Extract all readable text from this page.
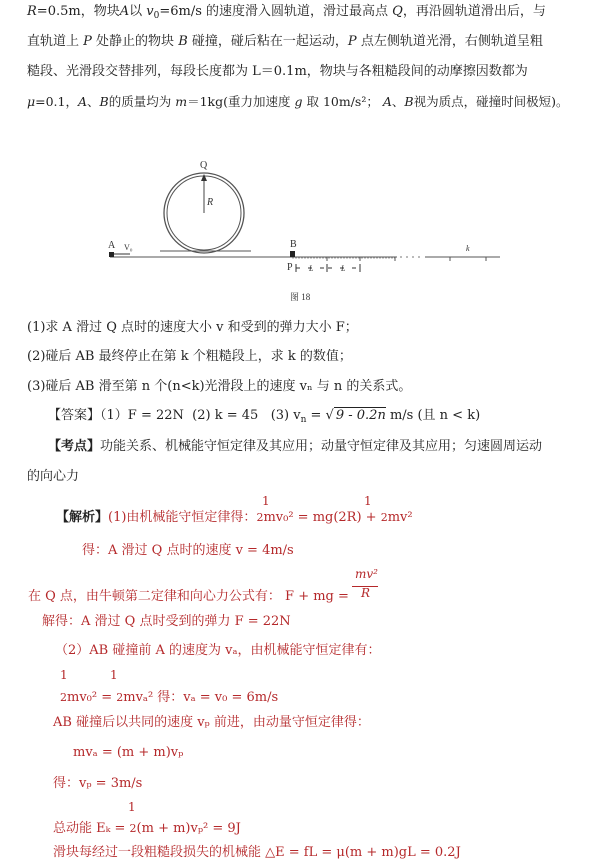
R=0.5m，物块A以 $v_0=6m/s$ 的速度滑入圆轨道，滑过最高点 Q，再沿圆轨道滑出后，与
直轨道上 P 处静止的物块 B 碰撞，碰后粘在一起运动，P 点左侧轨道光滑，右侧轨道呈粗
糙段、光滑段交替排列，每段长度都为 L＝0.1m，物块与各粗糙段间的动摩擦因数都为
μ=0.1，A、B的质量均为 m＝1kg(重力加速度 g 取 10m/s²； A、B视为质点，碰撞时间极短)。
Q
R
A V₀	B
P L	L
k
图 18
(1)求 A 滑过 Q 点时的速度大小 v 和受到的弹力大小 F；
(2)碰后 AB 最终停止在第 k 个粗糙段上，求 k 的数值；
(3)碰后 AB 滑至第 n 个(n<k)光滑段上的速度 vₙ 与 n 的关系式。
【答案】（1）F = 22N (2) k = 45 (3) $v_n$ = √ 9 - 0.2n m/s (且 n < k)
【考点】功能关系、机械能守恒定律及其应用；动量守恒定律及其应用；匀速圆周运动
的向心力
【解析】(1)由机械能守恒定律得：2mv₀² = mg(2R) + 2mv²
1	1
得：A 滑过 Q 点时的速度 v = 4m/s
mv²
R
在 Q 点，由牛顿第二定律和向心力公式有： F + mg =
解得：A 滑过 Q 点时受到的弹力 F = 22N
（2）AB 碰撞前 A 的速度为 vₐ，由机械能守恒定律有：
1	1
2mv₀² = 2mvₐ² 得：vₐ = v₀ = 6m/s
AB 碰撞后以共同的速度 vₚ 前进，由动量守恒定律得：
mvₐ = (m + m)vₚ
得：vₚ = 3m/s
1
总动能 Eₖ = 2(m + m)vₚ² = 9J
滑块每经过一段粗糙段损失的机械能 △E = fL = μ(m + m)gL = 0.2J
